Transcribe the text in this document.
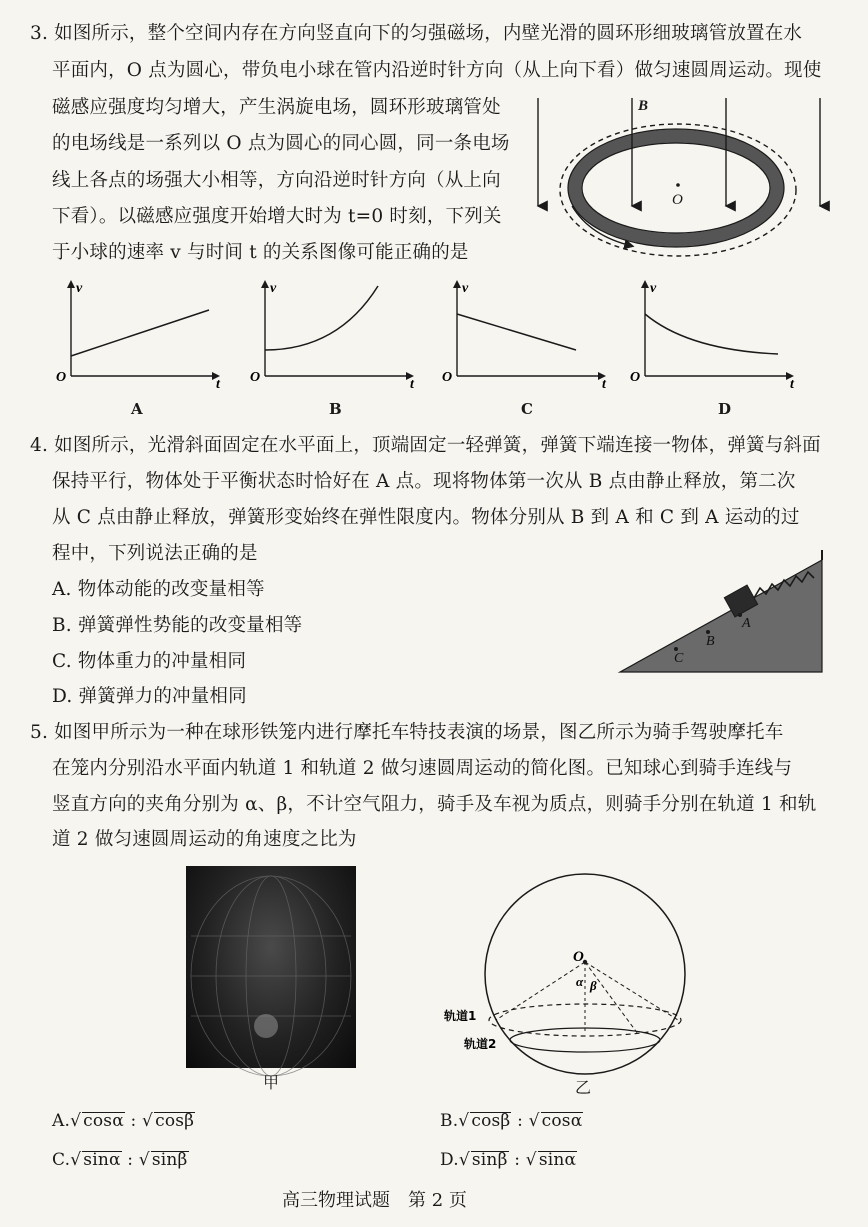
3. 如图所示，整个空间内存在方向竖直向下的匀强磁场，内壁光滑的圆环形细玻璃管放置在水
平面内，O 点为圆心，带负电小球在管内沿逆时针方向（从上向下看）做匀速圆周运动。现使
磁感应强度均匀增大，产生涡旋电场，圆环形玻璃管处
的电场线是一系列以 O 点为圆心的同心圆，同一条电场
线上各点的场强大小相等，方向沿逆时针方向（从上向
下看）。以磁感应强度开始增大时为 t=0 时刻，下列关
于小球的速率 v 与时间 t 的关系图像可能正确的是
B
O
v
t
O
A
v
t
O
B
v
t
O
C
v
t
O
D
4. 如图所示，光滑斜面固定在水平面上，顶端固定一轻弹簧，弹簧下端连接一物体，弹簧与斜面
保持平行，物体处于平衡状态时恰好在 A 点。现将物体第一次从 B 点由静止释放，第二次
从 C 点由静止释放，弹簧形变始终在弹性限度内。物体分别从 B 到 A 和 C 到 A 运动的过
程中，下列说法正确的是
A. 物体动能的改变量相等
B. 弹簧弹性势能的改变量相等
C. 物体重力的冲量相同
D. 弹簧弹力的冲量相同
A
B
C
5. 如图甲所示为一种在球形铁笼内进行摩托车特技表演的场景，图乙所示为骑手驾驶摩托车
在笼内分别沿水平面内轨道 1 和轨道 2 做匀速圆周运动的简化图。已知球心到骑手连线与
竖直方向的夹角分别为 α、β，不计空气阻力，骑手及车视为质点，则骑手分别在轨道 1 和轨
道 2 做匀速圆周运动的角速度之比为
甲
O
α β
轨道1
轨道2
乙
A.√ cosα : √ cosβ	B.√ cosβ : √ cosα
C.√ sinα : √ sinβ	D.√ sinβ : √ sinα
高三物理试题　第 2 页
